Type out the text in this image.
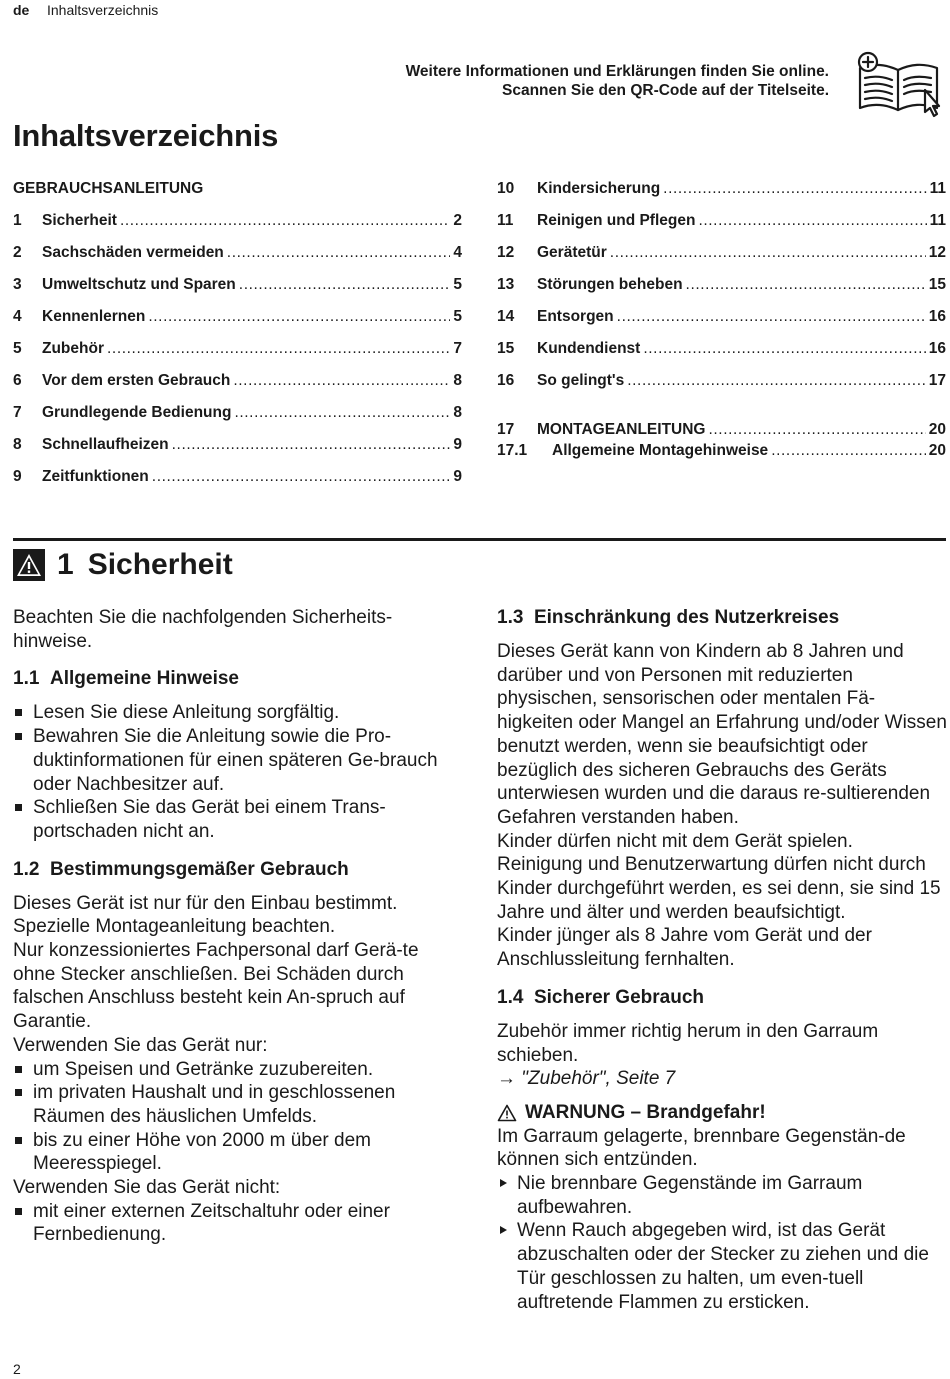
de Inhaltsverzeichnis
Weitere Informationen und Erklärungen finden Sie online.
Scannen Sie den QR-Code auf der Titelseite.
Inhaltsverzeichnis
GEBRAUCHSANLEITUNG
1	Sicherheit .....	2
2	Sachschäden vermeiden .....	4
3	Umweltschutz und Sparen .....	5
4	Kennenlernen .....	5
5	Zubehör .....	7
6	Vor dem ersten Gebrauch .....	8
7	Grundlegende Bedienung .....	8
8	Schnellaufheizen .....	9
9	Zeitfunktionen .....	9
10	Kindersicherung .....	11
11	Reinigen und Pflegen .....	11
12	Gerätetür .....	12
13	Störungen beheben .....	15
14	Entsorgen .....	16
15	Kundendienst .....	16
16	So gelingt's .....	17
17	MONTAGEANLEITUNG .....	20
17.1	Allgemeine Montagehinweise .....	20
1 Sicherheit

Beachten Sie die nachfolgenden Sicherheits-hinweise.

1.1 Allgemeine Hinweise
Lesen Sie diese Anleitung sorgfältig.
Bewahren Sie die Anleitung sowie die Pro-duktinformationen für einen späteren Ge-brauch oder Nachbesitzer auf.
Schließen Sie das Gerät bei einem Trans-portschaden nicht an.
1.2 Bestimmungsgemäßer Gebrauch

Dieses Gerät ist nur für den Einbau bestimmt. Spezielle Montageanleitung beachten.

Nur konzessioniertes Fachpersonal darf Gerä-te ohne Stecker anschließen. Bei Schäden durch falschen Anschluss besteht kein An-spruch auf Garantie.

Verwenden Sie das Gerät nur:

um Speisen und Getränke zuzubereiten.
im privaten Haushalt und in geschlossenen Räumen des häuslichen Umfelds.
bis zu einer Höhe von 2000 m über dem Meeresspiegel.

Verwenden Sie das Gerät nicht:

mit einer externen Zeitschaltuhr oder einer Fernbedienung.
1.3 Einschränkung des Nutzerkreises

Dieses Gerät kann von Kindern ab 8 Jahren und darüber und von Personen mit reduzierten physischen, sensorischen oder mentalen Fä-higkeiten oder Mangel an Erfahrung und/oder Wissen benutzt werden, wenn sie beaufsichtigt oder bezüglich des sicheren Gebrauchs des Geräts unterwiesen wurden und die daraus re-sultierenden Gefahren verstanden haben.

Kinder dürfen nicht mit dem Gerät spielen.

Reinigung und Benutzerwartung dürfen nicht durch Kinder durchgeführt werden, es sei denn, sie sind 15 Jahre und älter und werden beaufsichtigt.

Kinder jünger als 8 Jahre vom Gerät und der Anschlussleitung fernhalten.

1.4 Sicherer Gebrauch

Zubehör immer richtig herum in den Garraum schieben.

→ "Zubehör", Seite 7

WARNUNG – Brandgefahr!

Im Garraum gelagerte, brennbare Gegenstän-de können sich entzünden.

Nie brennbare Gegenstände im Garraum aufbewahren.
Wenn Rauch abgegeben wird, ist das Gerät abzuschalten oder der Stecker zu ziehen und die Tür geschlossen zu halten, um even-tuell auftretende Flammen zu ersticken.
2
